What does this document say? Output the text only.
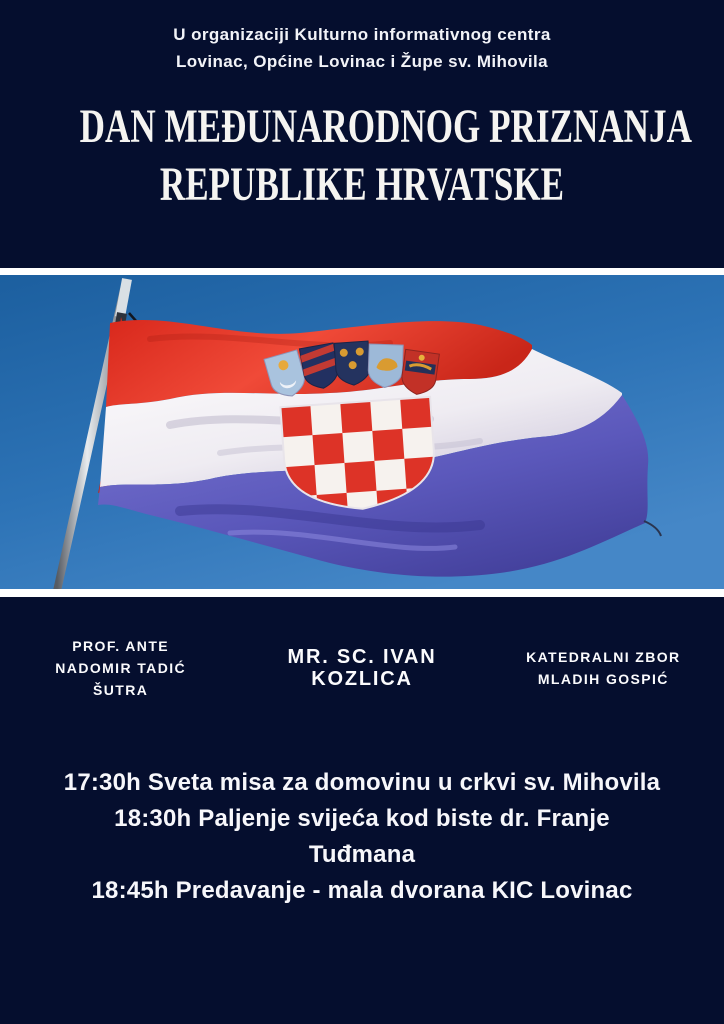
U organizaciji Kulturno informativnog centra
Lovinac, Općine Lovinac i Župe sv. Mihovila
DAN MEĐUNARODNOG PRIZNANJA
REPUBLIKE HRVATSKE
PROF. ANTE
NADOMIR TADIĆ
ŠUTRA
MR. SC. IVAN KOZLICA
KATEDRALNI ZBOR
MLADIH GOSPIĆ
17:30h Sveta misa za domovinu u crkvi sv. Mihovila
18:30h Paljenje svijeća kod biste dr. Franje
Tuđmana
18:45h Predavanje - mala dvorana KIC Lovinac
